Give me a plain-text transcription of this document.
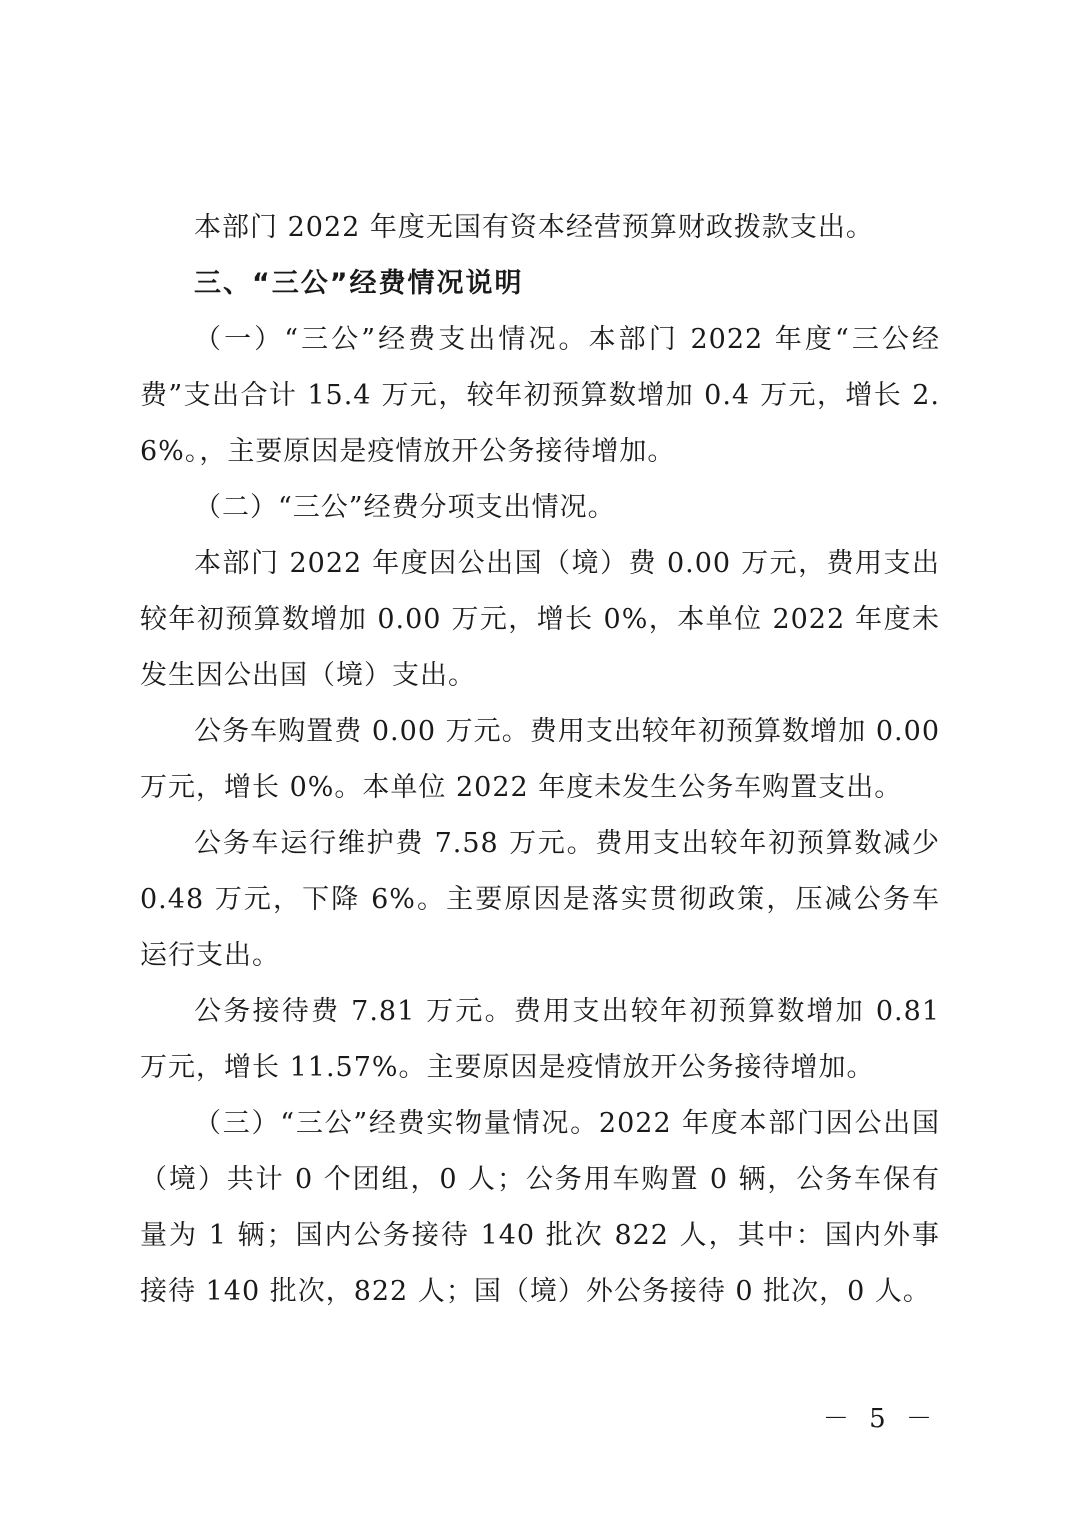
本部门 2022 年度无国有资本经营预算财政拨款支出。

三、“三公”经费情况说明

（一）“三公”经费支出情况。本部门 2022 年度“三公经费”支出合计 15.4 万元，较年初预算数增加 0.4 万元，增长 2.6%。，主要原因是疫情放开公务接待增加。

（二）“三公”经费分项支出情况。

本部门 2022 年度因公出国（境）费 0.00 万元，费用支出较年初预算数增加 0.00 万元，增长 0%，本单位 2022 年度未发生因公出国（境）支出。

公务车购置费 0.00 万元。费用支出较年初预算数增加 0.00 万元，增长 0%。本单位 2022 年度未发生公务车购置支出。

公务车运行维护费 7.58 万元。费用支出较年初预算数减少 0.48 万元，下降 6%。主要原因是落实贯彻政策，压减公务车运行支出。

公务接待费 7.81 万元。费用支出较年初预算数增加 0.81 万元，增长 11.57%。主要原因是疫情放开公务接待增加。

（三）“三公”经费实物量情况。2022 年度本部门因公出国（境）共计 0 个团组，0 人；公务用车购置 0 辆，公务车保有量为 1 辆；国内公务接待 140 批次 822 人，其中：国内外事接待 140 批次，822 人；国（境）外公务接待 0 批次，0 人。

－ 5 －
